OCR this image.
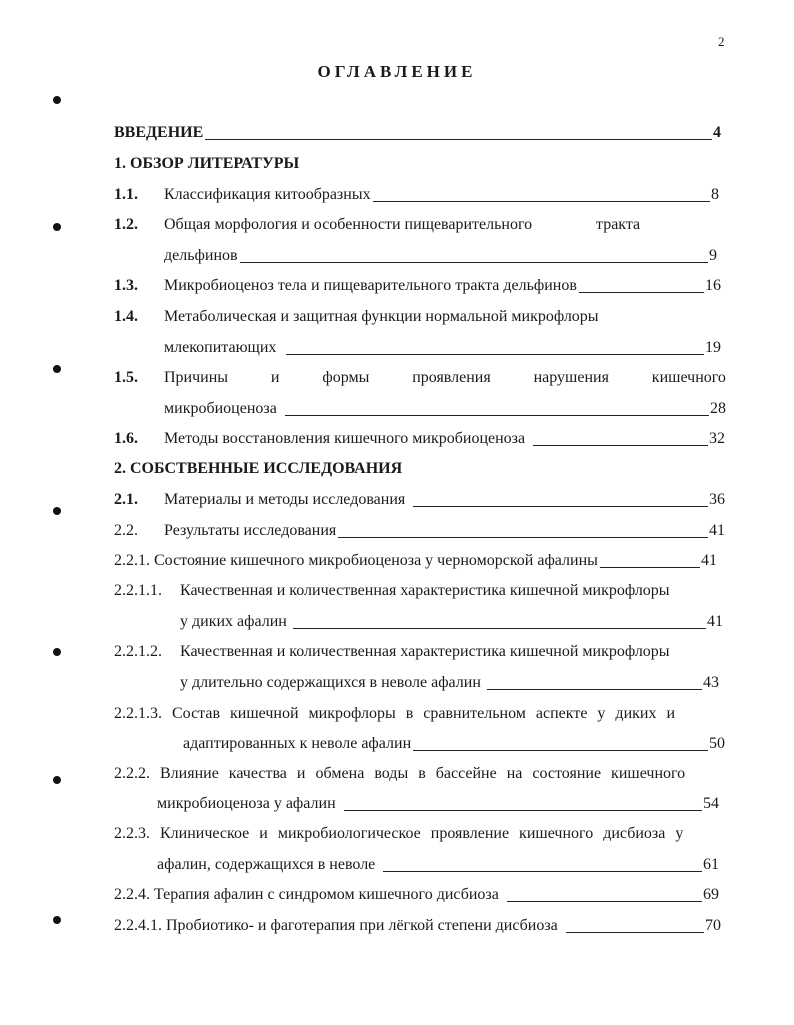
2
ОГЛАВЛЕНИЕ
ВВЕДЕНИЕ	4
1. ОБЗОР ЛИТЕРАТУРЫ
1.1. Классификация китообразных	8
1.2. Общая морфология и особенности пищеварительного	тракта
дельфинов	9
1.3. Микробиоценоз тела и пищеварительного тракта дельфинов	16
1.4. Метаболическая и защитная функции нормальной микрофлоры
млекопитающих	19
1.5. Причины	и	формы	проявления	нарушения	кишечного
микробиоценоза	28
1.6. Методы восстановления кишечного микробиоценоза	32
2. СОБСТВЕННЫЕ ИССЛЕДОВАНИЯ
2.1. Материалы и методы исследования	36
2.2. Результаты исследования	41
2.2.1. Состояние кишечного микробиоценоза у черноморской афалины	41
2.2.1.1. Качественная и количественная характеристика кишечной микрофлоры
у диких афалин	41
2.2.1.2. Качественная и количественная характеристика кишечной микрофлоры
у длительно содержащихся в неволе афалин	43
2.2.1.3. Состав кишечной микрофлоры в сравнительном аспекте у диких и
адаптированных к неволе афалин	50
2.2.2. Влияние качества и обмена воды в бассейне на состояние кишечного
микробиоценоза у афалин	54
2.2.3. Клиническое и микробиологическое проявление кишечного дисбиоза у
афалин, содержащихся в неволе	61
2.2.4. Терапия афалин с синдромом кишечного дисбиоза	69
2.2.4.1. Пробиотико- и фаготерапия при лёгкой степени дисбиоза	70
